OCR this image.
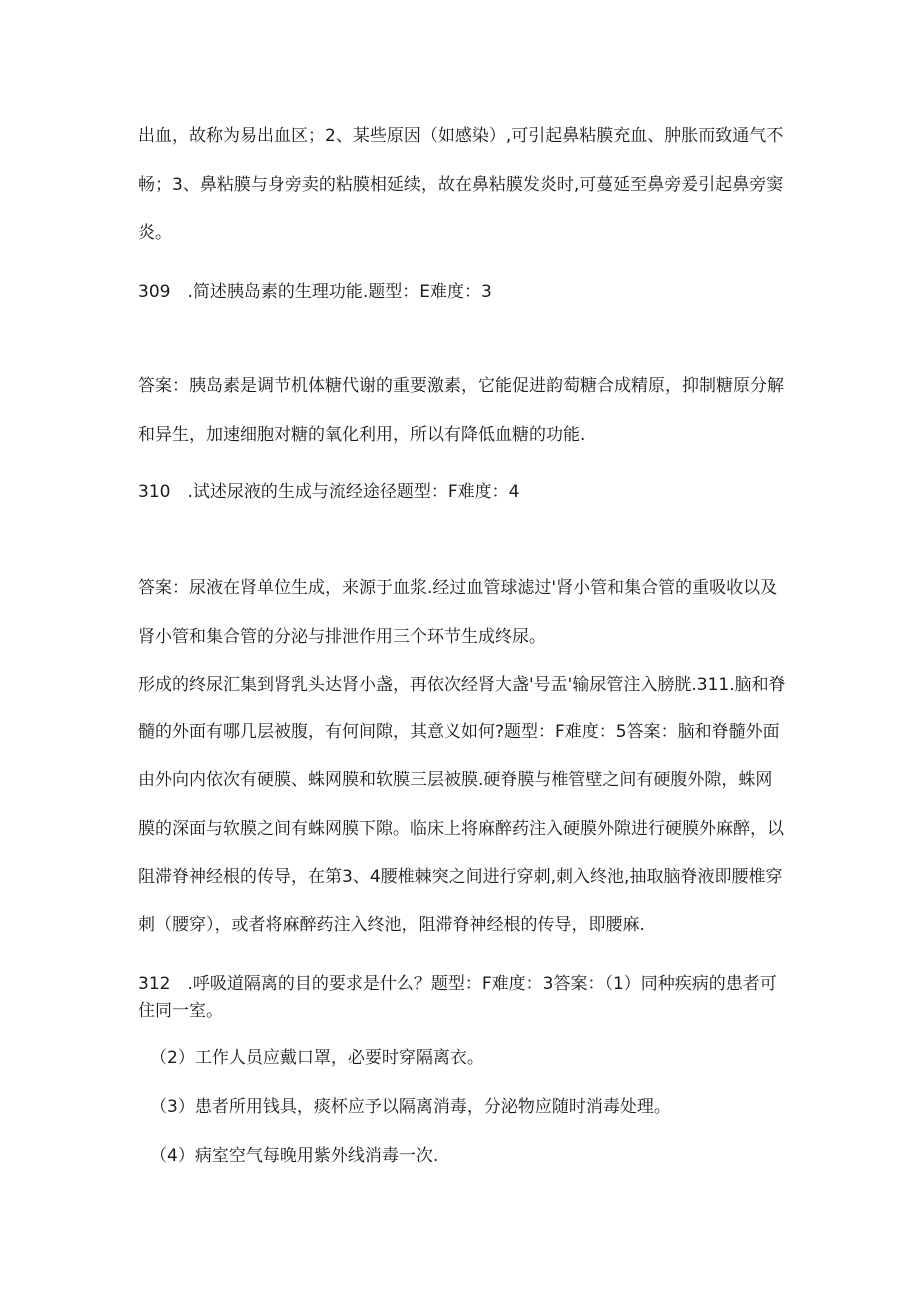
出血，故称为易出血区；2、某些原因（如感染）,可引起鼻粘膜充血、肿胀而致通气不
畅；3、鼻粘膜与身旁卖的粘膜相延续，故在鼻粘膜发炎时,可蔓延至鼻旁爰引起鼻旁窦
炎。
309　.简述胰岛素的生理功能.题型：E难度：3
答案：胰岛素是调节机体糖代谢的重要激素，它能促进韵萄糖合成精原，抑制糖原分解
和异生，加速细胞对糖的氧化利用，所以有降低血糖的功能.
310　.试述尿液的生成与流经途径题型：F难度：4
答案：尿液在肾单位生成，来源于血浆.经过血管球滤过'肾小管和集合管的重吸收以及
肾小管和集合管的分泌与排泄作用三个环节生成终尿。
形成的终尿汇集到肾乳头达肾小盏，再依次经肾大盏'号盂'输尿管注入膀胱.311.脑和脊
髓的外面有哪几层被腹，有何间隙，其意义如何?题型：F难度：5答案：脑和脊髓外面
由外向内依次有硬膜、蛛网膜和软膜三层被膜.硬脊膜与椎管壁之间有硬腹外隙，蛛网
膜的深面与软膜之间有蛛网膜下隙。临床上将麻醉药注入硬膜外隙进行硬膜外麻醉，以
阻滞脊神经根的传导，在第3、4腰椎棘突之间进行穿刺,刺入终池,抽取脑脊液即腰椎穿
刺（腰穿），或者将麻醉药注入终池，阻滞脊神经根的传导，即腰麻.
312　.呼吸道隔离的目的要求是什么？题型：F难度：3答案：（1）同种疾病的患者可
住同一室。
（2）工作人员应戴口罩，必要时穿隔离衣。
（3）患者所用钱具，痰杯应予以隔离消毒，分泌物应随时消毒处理。
（4）病室空气每晚用紫外线消毒一次.
